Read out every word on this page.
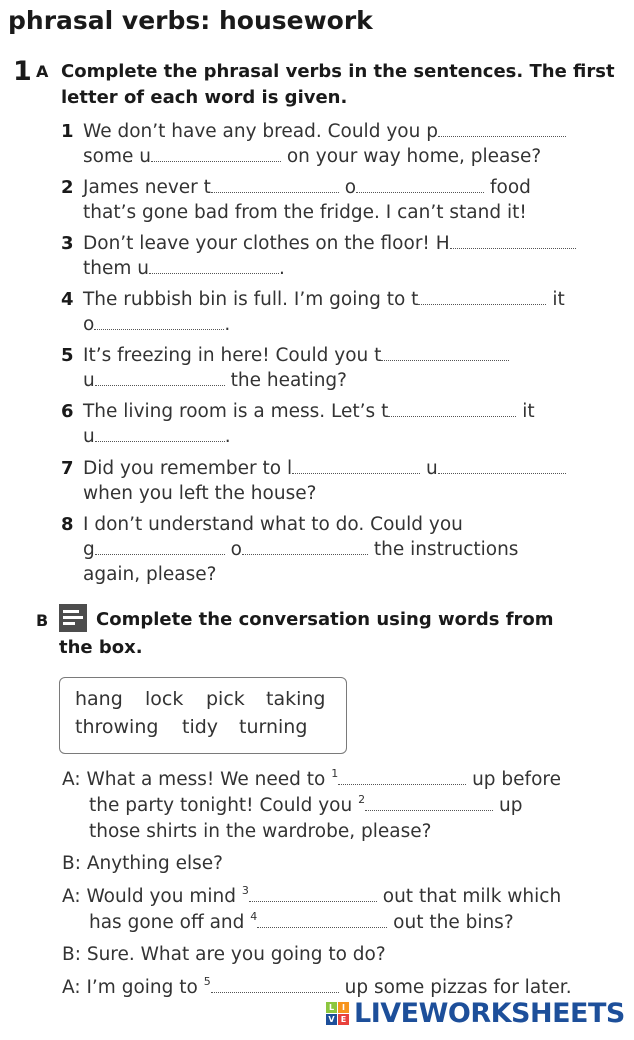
phrasal verbs: housework
1 A Complete the phrasal verbs in the sentences. The first
letter of each word is given.
1 We don’t have any bread. Could you p
some u	on your way home, please?
2 James never t	o	food
that’s gone bad from the fridge. I can’t stand it!
3 Don’t leave your clothes on the floor! H
them u	.
4 The rubbish bin is full. I’m going to t	it
o	.
5 It’s freezing in here! Could you t
u	the heating?
6 The living room is a mess. Let’s t	it
u	.
7 Did you remember to l	u
when you left the house?
8 I don’t understand what to do. Could you
g	o	the instructions
again, please?
B	Complete the conversation using words from
the box.
hang lock pick taking
throwing tidy turning
A: What a mess! We need to $^1$	up before
the party tonight! Could you $^2$	up
those shirts in the wardrobe, please?
B: Anything else?
A: Would you mind $^3$	out that milk which
has gone off and $^4$	out the bins?
B: Sure. What are you going to do?
A: I’m going to $^5$	up some pizzas for later.
L I
V E LIVEWORKSHEETS
